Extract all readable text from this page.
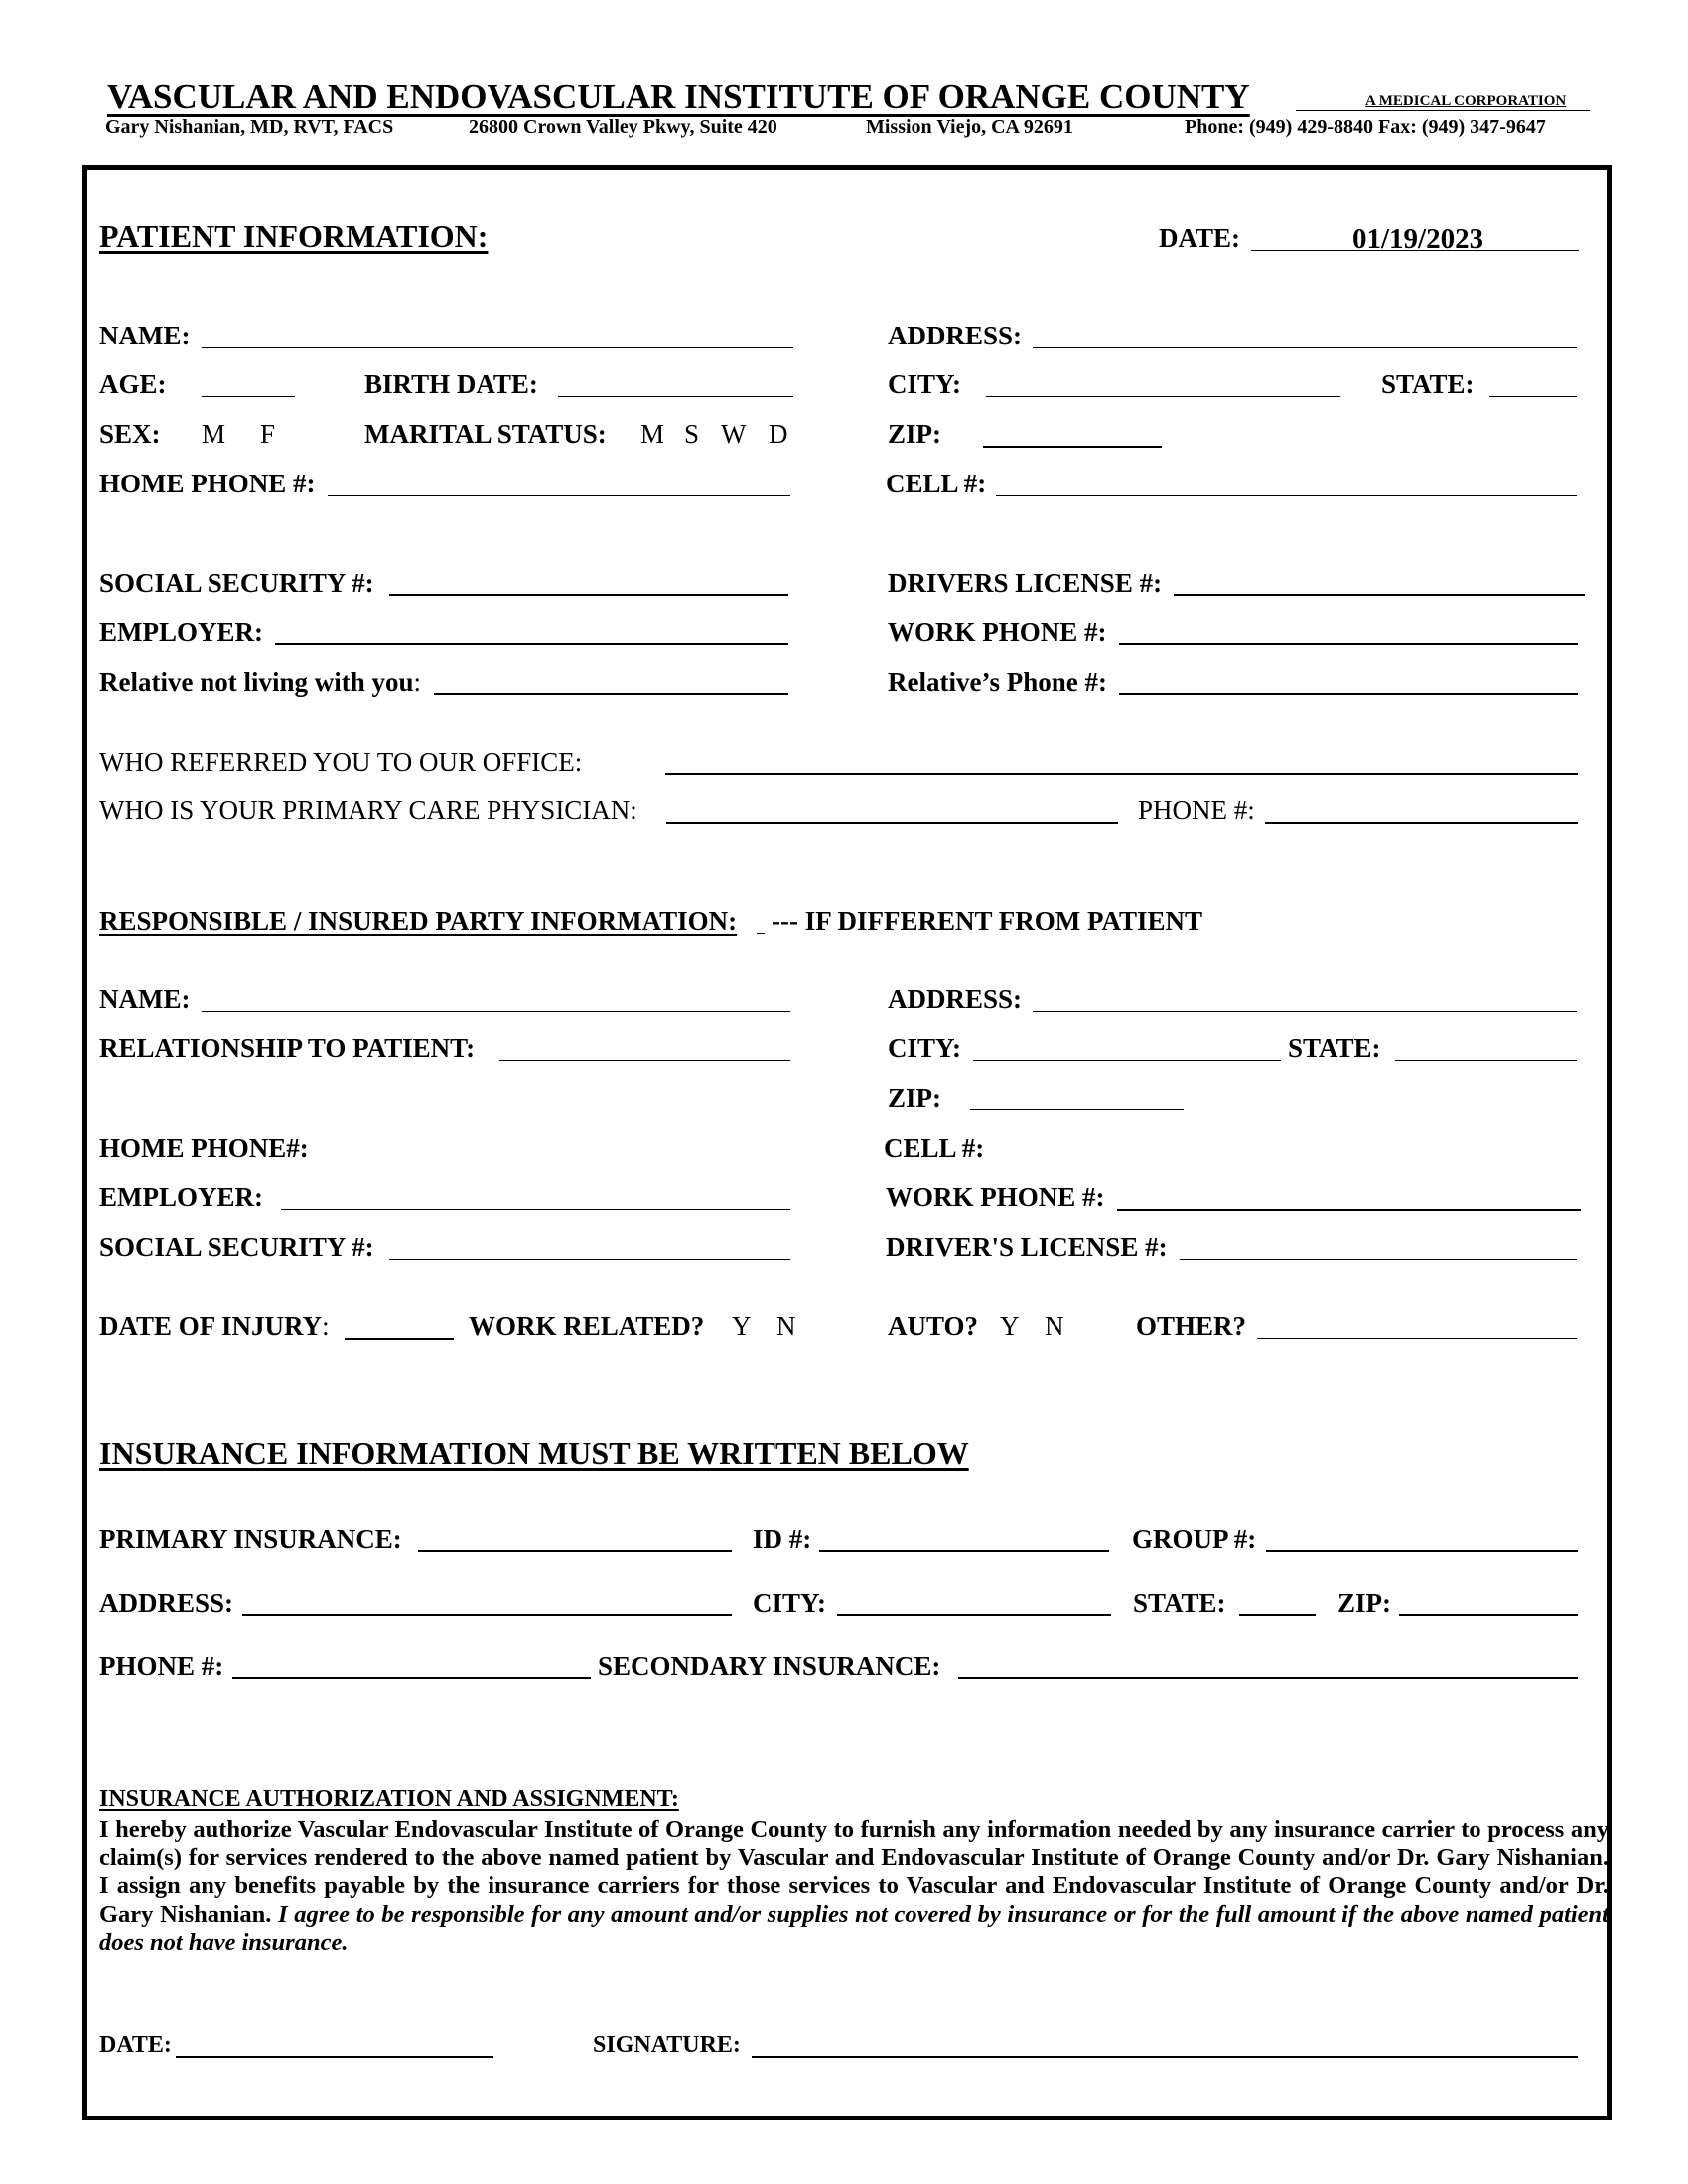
VASCULAR AND ENDOVASCULAR INSTITUTE OF ORANGE COUNTY	A MEDICAL CORPORATION
Gary Nishanian, MD, RVT, FACS	26800 Crown Valley Pkwy, Suite 420	Mission Viejo, CA 92691	Phone: (949) 429-8840 Fax: (949) 347-9647
PATIENT INFORMATION:	DATE:	01/19/2023
NAME:	ADDRESS:
AGE:	BIRTH DATE:	CITY:	STATE:
SEX: M F	MARITAL STATUS: M S W D	ZIP:
HOME PHONE #:	CELL #:
SOCIAL SECURITY #:	DRIVERS LICENSE #:
EMPLOYER:	WORK PHONE #:
Relative not living with you:	Relative’s Phone #:
WHO REFERRED YOU TO OUR OFFICE:
WHO IS YOUR PRIMARY CARE PHYSICIAN:	PHONE #:
RESPONSIBLE / INSURED PARTY INFORMATION: --- IF DIFFERENT FROM PATIENT
NAME:	ADDRESS:
RELATIONSHIP TO PATIENT:	CITY:	STATE:
ZIP:
HOME PHONE#:	CELL #:
EMPLOYER:	WORK PHONE #:
SOCIAL SECURITY #:	DRIVER'S LICENSE #:
DATE OF INJURY:	WORK RELATED? Y N	AUTO? Y N	OTHER?
INSURANCE INFORMATION MUST BE WRITTEN BELOW
PRIMARY INSURANCE:	ID #:	GROUP #:
ADDRESS:	CITY:	STATE:	ZIP:
PHONE #:	SECONDARY INSURANCE:
INSURANCE AUTHORIZATION AND ASSIGNMENT:
I hereby authorize Vascular Endovascular Institute of Orange County to furnish any information needed by any insurance carrier to process any claim(s) for services rendered to the above named patient by Vascular and Endovascular Institute of Orange County and/or Dr. Gary Nishanian. I assign any benefits payable by the insurance carriers for those services to Vascular and Endovascular Institute of Orange County and/or Dr. Gary Nishanian. I agree to be responsible for any amount and/or supplies not covered by insurance or for the full amount if the above named patient does not have insurance.
DATE:	SIGNATURE:
